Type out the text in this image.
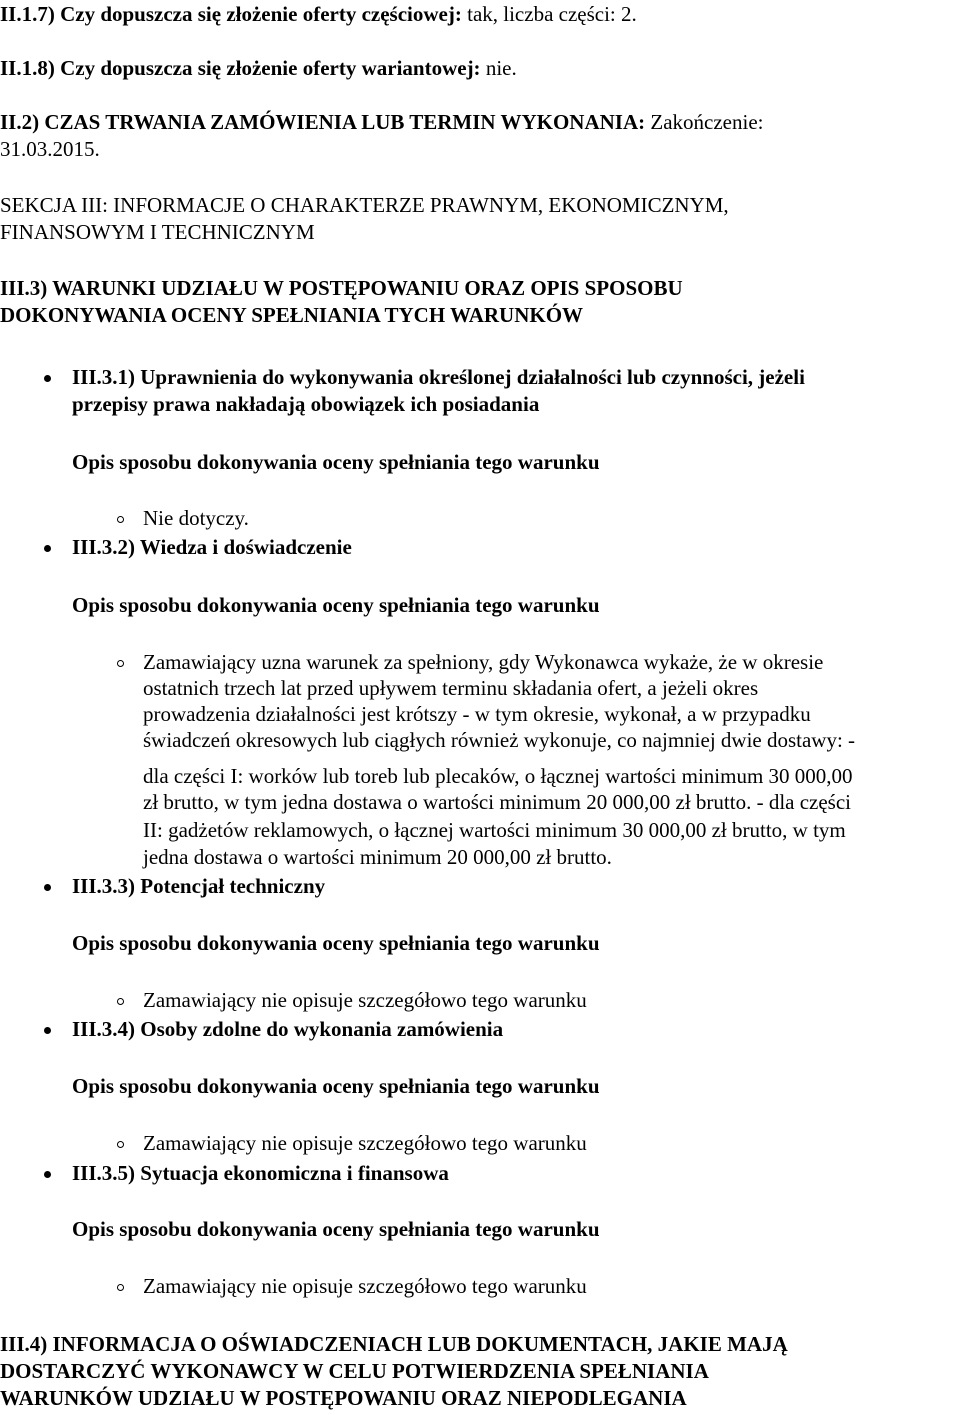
II.1.7) Czy dopuszcza się złożenie oferty częściowej: tak, liczba części: 2.

II.1.8) Czy dopuszcza się złożenie oferty wariantowej: nie.

II.2) CZAS TRWANIA ZAMÓWIENIA LUB TERMIN WYKONANIA: Zakończenie:

31.03.2015.

SEKCJA III: INFORMACJE O CHARAKTERZE PRAWNYM, EKONOMICZNYM,

FINANSOWYM I TECHNICZNYM

III.3) WARUNKI UDZIAŁU W POSTĘPOWANIU ORAZ OPIS SPOSOBU

DOKONYWANIA OCENY SPEŁNIANIA TYCH WARUNKÓW

III.3.1) Uprawnienia do wykonywania określonej działalności lub czynności, jeżeli

przepisy prawa nakładają obowiązek ich posiadania

Opis sposobu dokonywania oceny spełniania tego warunku

Nie dotyczy.

III.3.2) Wiedza i doświadczenie

Opis sposobu dokonywania oceny spełniania tego warunku

Zamawiający uzna warunek za spełniony, gdy Wykonawca wykaże, że w okresie

ostatnich trzech lat przed upływem terminu składania ofert, a jeżeli okres

prowadzenia działalności jest krótszy - w tym okresie, wykonał, a w przypadku

świadczeń okresowych lub ciągłych również wykonuje, co najmniej dwie dostawy: -

dla części I: worków lub toreb lub plecaków, o łącznej wartości minimum 30 000,00

zł brutto, w tym jedna dostawa o wartości minimum 20 000,00 zł brutto. - dla części

II: gadżetów reklamowych, o łącznej wartości minimum 30 000,00 zł brutto, w tym

jedna dostawa o wartości minimum 20 000,00 zł brutto.

III.3.3) Potencjał techniczny

Opis sposobu dokonywania oceny spełniania tego warunku

Zamawiający nie opisuje szczegółowo tego warunku

III.3.4) Osoby zdolne do wykonania zamówienia

Opis sposobu dokonywania oceny spełniania tego warunku

Zamawiający nie opisuje szczegółowo tego warunku

III.3.5) Sytuacja ekonomiczna i finansowa

Opis sposobu dokonywania oceny spełniania tego warunku

Zamawiający nie opisuje szczegółowo tego warunku

III.4) INFORMACJA O OŚWIADCZENIACH LUB DOKUMENTACH, JAKIE MAJĄ

DOSTARCZYĆ WYKONAWCY W CELU POTWIERDZENIA SPEŁNIANIA

WARUNKÓW UDZIAŁU W POSTĘPOWANIU ORAZ NIEPODLEGANIA
